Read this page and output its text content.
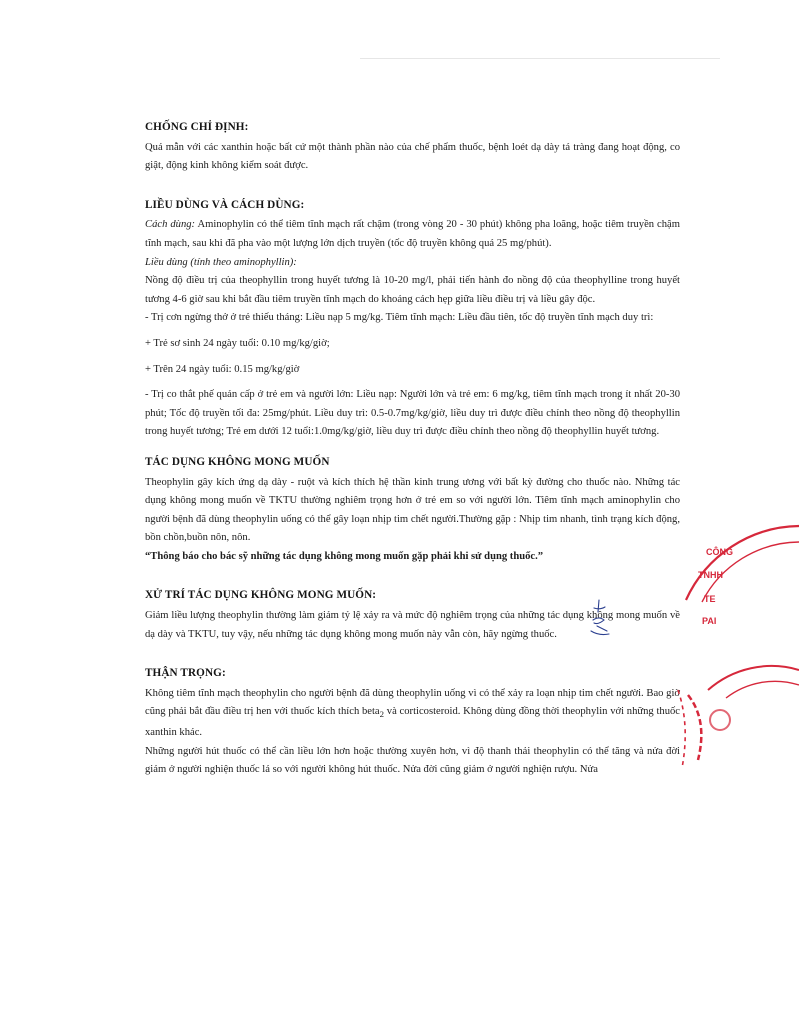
CHỐNG CHỈ ĐỊNH:

Quá mẫn với các xanthin hoặc bất cứ một thành phần nào của chế phẩm thuốc, bệnh loét dạ dày tá tràng đang hoạt động, co giật, động kinh không kiểm soát được.

LIỀU DÙNG VÀ CÁCH DÙNG:

Cách dùng: Aminophylin có thể tiêm tĩnh mạch rất chậm (trong vòng 20 - 30 phút) không pha loãng, hoặc tiêm truyền chậm tĩnh mạch, sau khi đã pha vào một lượng lớn dịch truyền (tốc độ truyền không quá 25 mg/phút).

Liều dùng (tính theo aminophyllin):

Nồng độ điều trị của theophyllin trong huyết tương là 10-20 mg/l, phải tiến hành đo nồng độ của theophylline trong huyết tương 4-6 giờ sau khi bắt đầu tiêm truyền tĩnh mạch do khoảng cách hẹp giữa liều điều trị và liều gây độc.

- Trị cơn ngừng thở ở trẻ thiếu tháng: Liều nạp 5 mg/kg. Tiêm tĩnh mạch: Liều đầu tiên, tốc độ truyền tĩnh mạch duy trì:

+ Trẻ sơ sinh 24 ngày tuổi: 0.10 mg/kg/giờ;

+ Trên 24 ngày tuổi: 0.15 mg/kg/giờ

- Trị co thắt phế quản cấp ở trẻ em và người lớn: Liều nạp: Người lớn và trẻ em: 6 mg/kg, tiêm tĩnh mạch trong ít nhất 20-30 phút; Tốc độ truyền tối đa: 25mg/phút. Liều duy trì: 0.5-0.7mg/kg/giờ, liều duy trì được điều chỉnh theo nồng độ theophyllin trong huyết tương; Trẻ em dưới 12 tuổi:1.0mg/kg/giờ, liều duy trì được điều chỉnh theo nồng độ theophyllin huyết tương.

TÁC DỤNG KHÔNG MONG MUỐN

Theophylin gây kích ứng dạ dày - ruột và kích thích hệ thần kinh trung ương với bất kỳ đường cho thuốc nào. Những tác dụng không mong muốn về TKTU thường nghiêm trọng hơn ở trẻ em so với người lớn. Tiêm tĩnh mạch aminophylin cho người bệnh đã dùng theophylin uống có thể gây loạn nhịp tim chết người.Thường gặp : Nhịp tim nhanh, tình trạng kích động, bồn chồn,buồn nôn, nôn.

“Thông báo cho bác sỹ những tác dụng không mong muốn gặp phải khi sử dụng thuốc.”

XỬ TRÍ TÁC DỤNG KHÔNG MONG MUỐN:

Giảm liều lượng theophylin thường làm giảm tỷ lệ xảy ra và mức độ nghiêm trọng của những tác dụng không mong muốn về dạ dày và TKTU, tuy vậy, nếu những tác dụng không mong muốn này vẫn còn, hãy ngừng thuốc.

THẬN TRỌNG:

Không tiêm tĩnh mạch theophylin cho người bệnh đã dùng theophylin uống vì có thể xảy ra loạn nhịp tim chết người. Bao giờ cũng phải bắt đầu điều trị hen với thuốc kích thích beta$_2$ và corticosteroid. Không dùng đồng thời theophylin với những thuốc xanthin khác.

Những người hút thuốc có thể cần liều lớn hơn hoặc thường xuyên hơn, vì độ thanh thải theophylin có thể tăng và nửa đời giảm ở người nghiện thuốc lá so với người không hút thuốc. Nửa đời cũng giảm ở người nghiện rượu. Nửa

CÔNG
TNHH
TE
PAI
